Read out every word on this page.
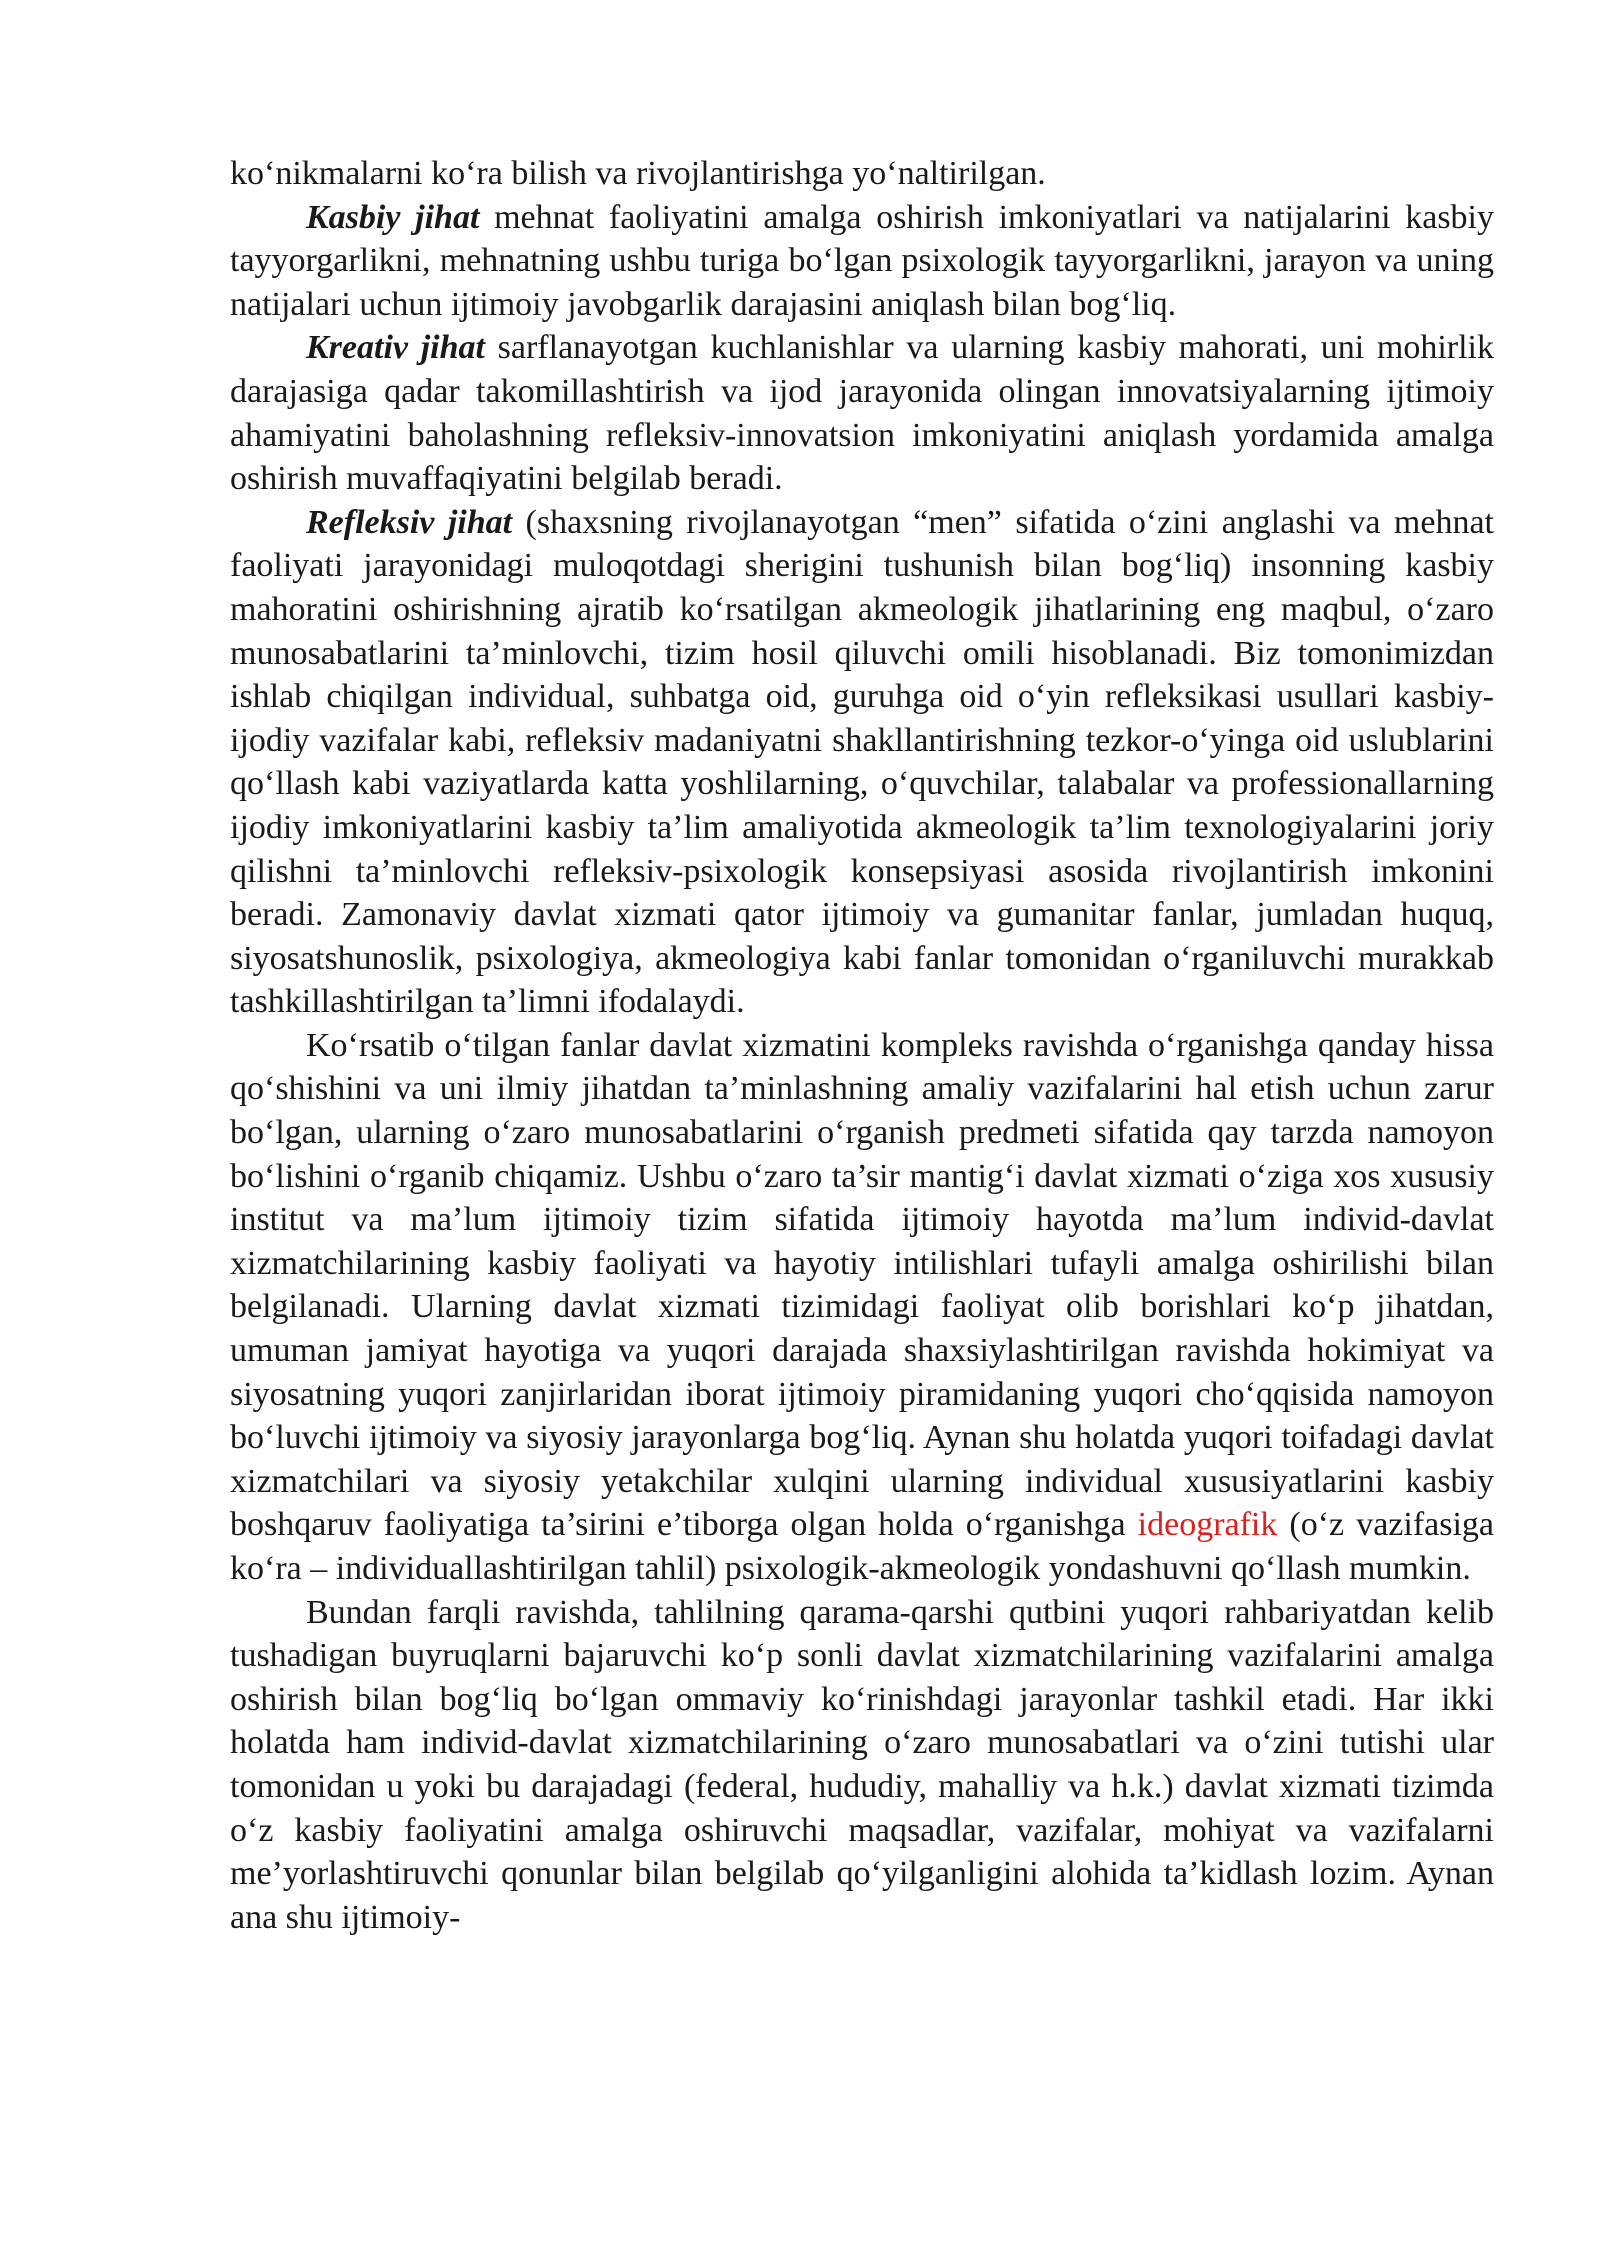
ko‘nikmalarni ko‘ra bilish va rivojlantirishga yo‘naltirilgan.

Kasbiy jihat mehnat faoliyatini amalga oshirish imkoniyatlari va natijalarini kasbiy tayyorgarlikni, mehnatning ushbu turiga bo‘lgan psixologik tayyorgarlikni, jarayon va uning natijalari uchun ijtimoiy javobgarlik darajasini aniqlash bilan bog‘liq.

Kreativ jihat sarflanayotgan kuchlanishlar va ularning kasbiy mahorati, uni mohirlik darajasiga qadar takomillashtirish va ijod jarayonida olingan innovatsiyalarning ijtimoiy ahamiyatini baholashning refleksiv-innovatsion imkoniyatini aniqlash yordamida amalga oshirish muvaffaqiyatini belgilab beradi.

Refleksiv jihat (shaxsning rivojlanayotgan “men” sifatida o‘zini anglashi va mehnat faoliyati jarayonidagi muloqotdagi sherigini tushunish bilan bog‘liq) insonning kasbiy mahoratini oshirishning ajratib ko‘rsatilgan akmeologik jihatlarining eng maqbul, o‘zaro munosabatlarini ta’minlovchi, tizim hosil qiluvchi omili hisoblanadi. Biz tomonimizdan ishlab chiqilgan individual, suhbatga oid, guruhga oid o‘yin refleksikasi usullari kasbiy-ijodiy vazifalar kabi, refleksiv madaniyatni shakllantirishning tezkor-o‘yinga oid uslublarini qo‘llash kabi vaziyatlarda katta yoshlilarning, o‘quvchilar, talabalar va professionallarning ijodiy imkoniyatlarini kasbiy ta’lim amaliyotida akmeologik ta’lim texnologiyalarini joriy qilishni ta’minlovchi refleksiv-psixologik konsepsiyasi asosida rivojlantirish imkonini beradi. Zamonaviy davlat xizmati qator ijtimoiy va gumanitar fanlar, jumladan huquq, siyosatshunoslik, psixologiya, akmeologiya kabi fanlar tomonidan o‘rganiluvchi murakkab tashkillashtirilgan ta’limni ifodalaydi.

Ko‘rsatib o‘tilgan fanlar davlat xizmatini kompleks ravishda o‘rganishga qanday hissa qo‘shishini va uni ilmiy jihatdan ta’minlashning amaliy vazifalarini hal etish uchun zarur bo‘lgan, ularning o‘zaro munosabatlarini o‘rganish predmeti sifatida qay tarzda namoyon bo‘lishini o‘rganib chiqamiz. Ushbu o‘zaro ta’sir mantig‘i davlat xizmati o‘ziga xos xususiy institut va ma’lum ijtimoiy tizim sifatida ijtimoiy hayotda ma’lum individ-davlat xizmatchilarining kasbiy faoliyati va hayotiy intilishlari tufayli amalga oshirilishi bilan belgilanadi. Ularning davlat xizmati tizimidagi faoliyat olib borishlari ko‘p jihatdan, umuman jamiyat hayotiga va yuqori darajada shaxsiylashtirilgan ravishda hokimiyat va siyosatning yuqori zanjirlaridan iborat ijtimoiy piramidaning yuqori cho‘qqisida namoyon bo‘luvchi ijtimoiy va siyosiy jarayonlarga bog‘liq. Aynan shu holatda yuqori toifadagi davlat xizmatchilari va siyosiy yetakchilar xulqini ularning individual xususiyatlarini kasbiy boshqaruv faoliyatiga ta’sirini e’tiborga olgan holda o‘rganishga ideografik (o‘z vazifasiga ko‘ra – individuallashtirilgan tahlil) psixologik-akmeologik yondashuvni qo‘llash mumkin.

Bundan farqli ravishda, tahlilning qarama-qarshi qutbini yuqori rahbariyatdan kelib tushadigan buyruqlarni bajaruvchi ko‘p sonli davlat xizmatchilarining vazifalarini amalga oshirish bilan bog‘liq bo‘lgan ommaviy ko‘rinishdagi jarayonlar tashkil etadi. Har ikki holatda ham individ-davlat xizmatchilarining o‘zaro munosabatlari va o‘zini tutishi ular tomonidan u yoki bu darajadagi (federal, hududiy, mahalliy va h.k.) davlat xizmati tizimda o‘z kasbiy faoliyatini amalga oshiruvchi maqsadlar, vazifalar, mohiyat va vazifalarni me’yorlashtiruvchi qonunlar bilan belgilab qo‘yilganligini alohida ta’kidlash lozim. Aynan ana shu ijtimoiy-
